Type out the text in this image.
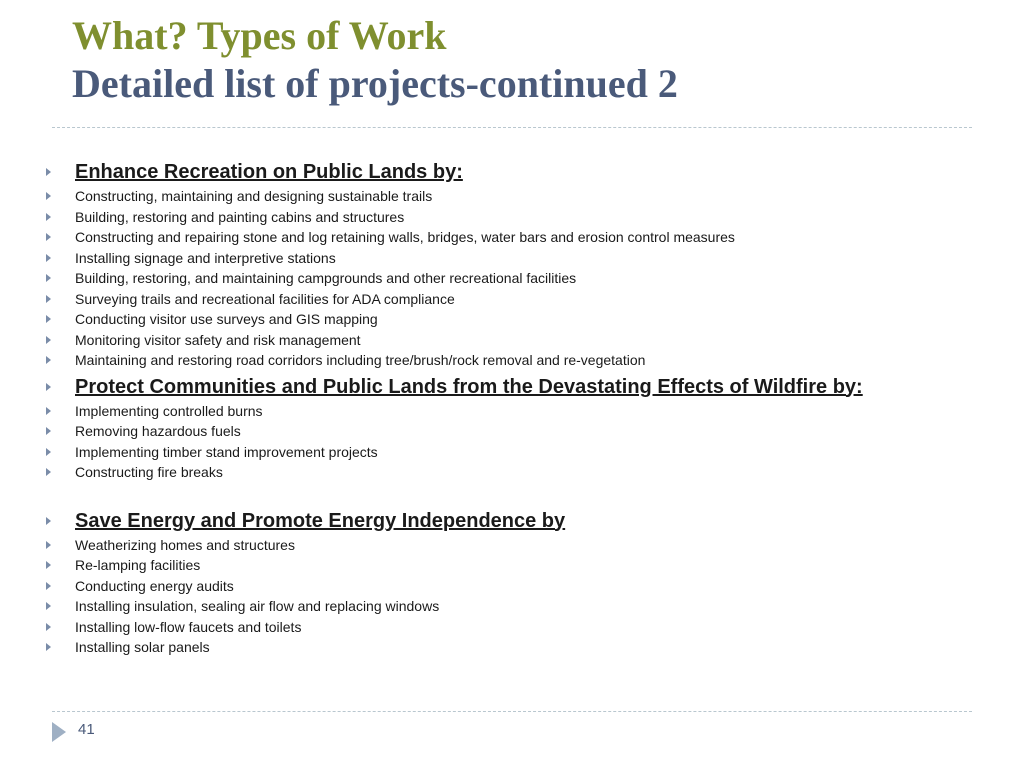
What? Types of Work
Detailed list of projects-continued 2
Enhance Recreation on Public Lands by:
Constructing, maintaining and designing sustainable trails
Building, restoring and painting cabins and structures
Constructing and repairing stone and log retaining walls, bridges, water bars and erosion control measures
Installing signage and interpretive stations
Building, restoring, and maintaining campgrounds and other recreational facilities
Surveying trails and recreational facilities for ADA compliance
Conducting visitor use surveys and GIS mapping
Monitoring visitor safety and risk management
Maintaining and restoring road corridors including tree/brush/rock removal and re-vegetation
Protect Communities and Public Lands from the Devastating Effects of Wildfire by:
Implementing controlled burns
Removing hazardous fuels
Implementing timber stand improvement projects
Constructing fire breaks
Save Energy and Promote Energy Independence by
Weatherizing homes and structures
Re-lamping facilities
Conducting energy audits
Installing insulation, sealing air flow and replacing windows
Installing low-flow faucets and toilets
Installing solar panels
41
